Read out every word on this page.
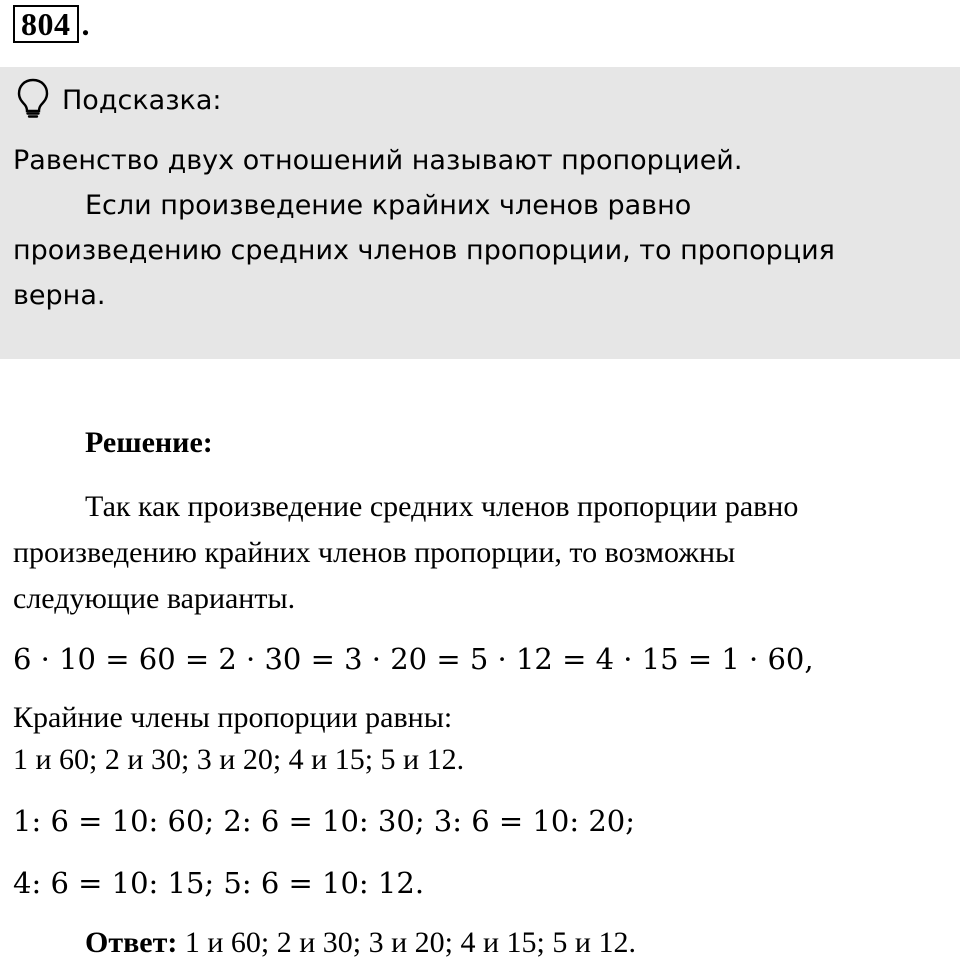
804 .
Подсказка:

Равенство двух отношений называют пропорцией.

Если произведение крайних членов равно

произведению средних членов пропорции, то пропорция

верна.

Решение:

Так как произведение средних членов пропорции равно

произведению крайних членов пропорции, то возможны

следующие варианты.

6 · 10 = 60 = 2 · 30 = 3 · 20 = 5 · 12 = 4 · 15 = 1 · 60,

Крайние члены пропорции равны:

1 и 60; 2 и 30; 3 и 20; 4 и 15; 5 и 12.

1: 6 = 10: 60; 2: 6 = 10: 30; 3: 6 = 10: 20;

4: 6 = 10: 15; 5: 6 = 10: 12.

Ответ: 1 и 60; 2 и 30; 3 и 20; 4 и 15; 5 и 12.
